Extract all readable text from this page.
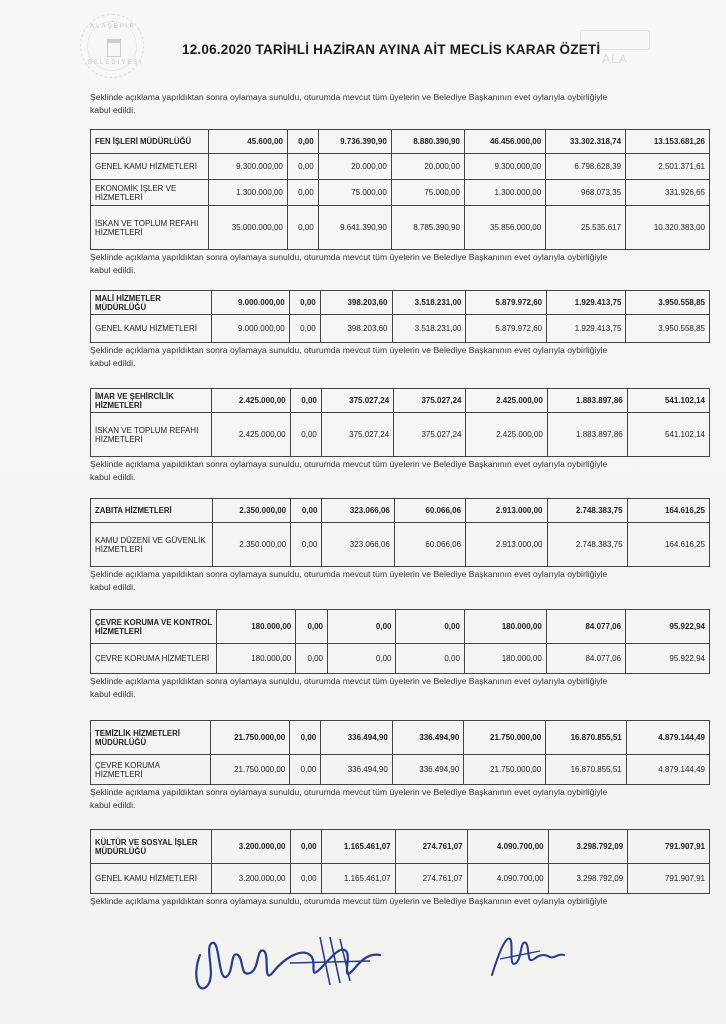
ALAŞEHİR
BELEDİYESİ
12.06.2020 TARİHLİ HAZİRAN AYINA AİT MECLİS KARAR ÖZETİ
ALA
Şeklinde açıklama yapıldıktan sonra oylamaya sunuldu, oturumda mevcut tüm üyelerin ve Belediye Başkanının evet oylarıyla oybirliğiyle
kabul edildi.
FEN İŞLERİ MÜDÜRLÜĞÜ	45.600,00	0,00	9.736.390,90	8.880.390,90	46.456.000,00	33.302.318,74	13.153.681,26
GENEL KAMU HİZMETLERİ	9.300.000,00	0,00	20.000,00	20.000,00	9.300.000,00	6.798.628,39	2.501.371,61
EKONOMİK İŞLER VE HİZMETLERİ	1.300.000,00	0,00	75.000,00	75.000,00	1.300.000,00	968.073,35	331.926,65
İSKAN VE TOPLUM REFAHI HİZMETLERİ	35.000.000,00	0,00	9.641.390,90	8.785.390,90	35.856.000,00	25.535.617	10.320.383,00
Şeklinde açıklama yapıldıktan sonra oylamaya sunuldu, oturumda mevcut tüm üyelerin ve Belediye Başkanının evet oylarıyla oybirliğiyle
kabul edildi.
MALİ HİZMETLER MÜDÜRLÜĞÜ	9.000.000,00	0,00	398.203,60	3.518.231,00	5.879.972,60	1.929.413,75	3.950.558,85
GENEL KAMU HİZMETLERİ	9.000.000,00	0,00	398.203,60	3.518.231,00	5.879.972,60	1.929.413,75	3.950.558,85
Şeklinde açıklama yapıldıktan sonra oylamaya sunuldu, oturumda mevcut tüm üyelerin ve Belediye Başkanının evet oylarıyla oybirliğiyle
kabul edildi.
İMAR VE ŞEHİRCİLİK HİZMETLERİ	2.425.000,00	0,00	375.027,24	375.027,24	2.425.000,00	1.883.897,86	541.102,14
İSKAN VE TOPLUM REFAHI HİZMETLERİ	2.425.000,00	0,00	375.027,24	375.027,24	2.425.000,00	1.883.897,86	541.102,14
Şeklinde açıklama yapıldıktan sonra oylamaya sunuldu, oturumda mevcut tüm üyelerin ve Belediye Başkanının evet oylarıyla oybirliğiyle
kabul edildi.
ZABITA HİZMETLERİ	2.350.000,00	0,00	323.066,06	60.066,06	2.913.000,00	2.748.383,75	164.616,25
KAMU DÜZENİ VE GÜVENLİK HİZMETLERİ	2.350.000,00	0,00	323.066,06	60.066,06	2.913.000,00	2.748.383,75	164.616,25
Şeklinde açıklama yapıldıktan sonra oylamaya sunuldu, oturumda mevcut tüm üyelerin ve Belediye Başkanının evet oylarıyla oybirliğiyle
kabul edildi.
ÇEVRE KORUMA VE KONTROL HİZMETLERİ	180.000,00	0,00	0,00	0,00	180.000,00	84.077,06	95.922,94
ÇEVRE KORUMA HİZMETLERİ	180.000,00	0,00	0,00	0,00	180.000,00	84.077,06	95.922,94
Şeklinde açıklama yapıldıktan sonra oylamaya sunuldu, oturumda mevcut tüm üyelerin ve Belediye Başkanının evet oylarıyla oybirliğiyle
kabul edildi.
TEMİZLİK HİZMETLERİ MÜDÜRLÜĞÜ	21.750.000,00	0,00	336.494,90	336.494,90	21.750.000,00	16.870.855,51	4.879.144,49
ÇEVRE KORUMA HİZMETLERİ	21.750.000,00	0,00	336.494,90	336.494,90	21.750.000,00	16.870.855,51	4.879.144,49
Şeklinde açıklama yapıldıktan sonra oylamaya sunuldu, oturumda mevcut tüm üyelerin ve Belediye Başkanının evet oylarıyla oybirliğiyle
kabul edildi.
KÜLTÜR VE SOSYAL İŞLER MÜDÜRLÜĞÜ	3.200.000,00	0,00	1.165.461,07	274.761,07	4.090.700,00	3.298.792,09	791.907,91
GENEL KAMU HİZMETLERİ	3.200.000,00	0,00	1.165.461,07	274.761,07	4.090.700,00	3.298.792,09	791.907,91
Şeklinde açıklama yapıldıktan sonra oylamaya sunuldu, oturumda mevcut tüm üyelerin ve Belediye Başkanının evet oylarıyla oybirliğiyle
